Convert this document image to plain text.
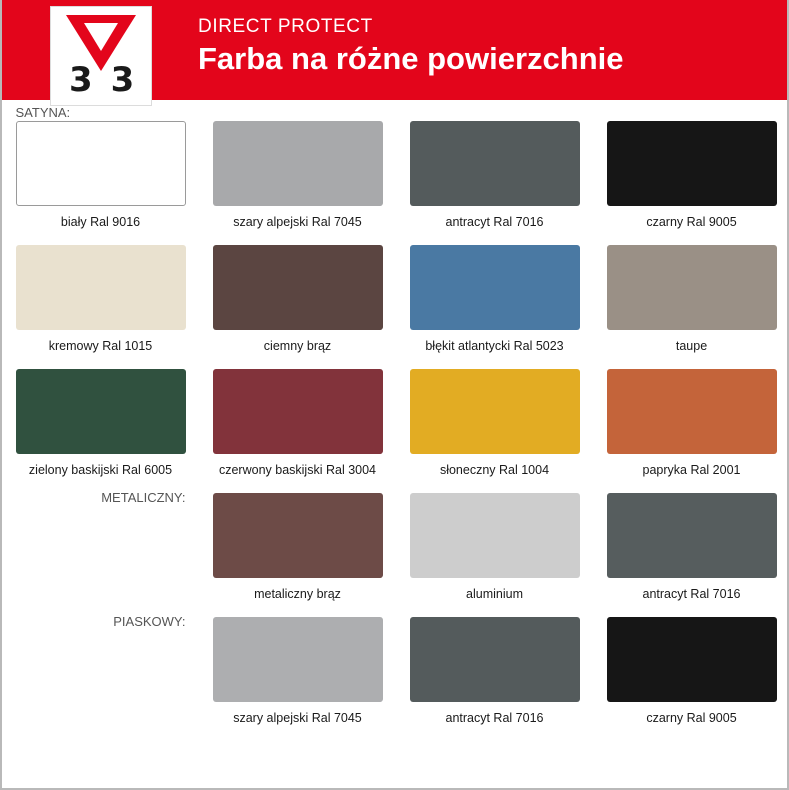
33
DIRECT PROTECT
Farba na różne powierzchnie
SATYNA:
biały Ral 9016	szary alpejski Ral 7045	antracyt Ral 7016	czarny Ral 9005
kremowy Ral 1015	ciemny brąz	błękit atlantycki Ral 5023	taupe
zielony baskijski Ral 6005	czerwony baskijski Ral 3004	słoneczny Ral 1004	papryka Ral 2001
METALICZNY:
metaliczny brąz	aluminium	antracyt Ral 7016
PIASKOWY:
szary alpejski Ral 7045	antracyt Ral 7016	czarny Ral 9005
